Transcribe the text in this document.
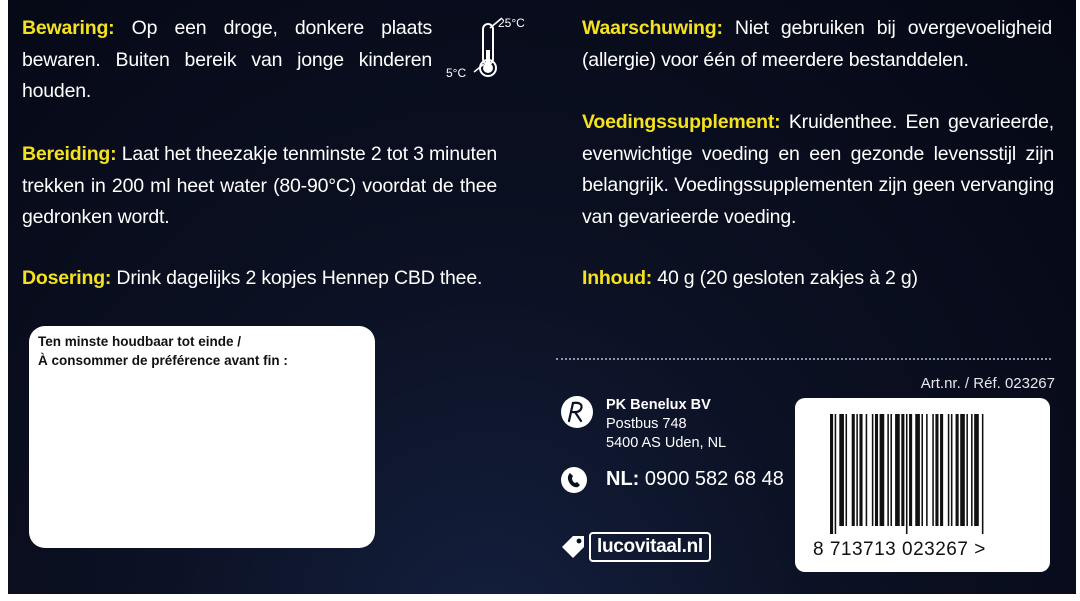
Bewaring: Op een droge, donkere plaats bewaren. Buiten bereik van jonge kinderen houden.
25°C
5°C
Bereiding: Laat het theezakje tenminste 2 tot 3 minuten trekken in 200 ml heet water (80-90°C) voordat de thee gedronken wordt.
Dosering: Drink dagelijks 2 kopjes Hennep CBD thee.
Ten minste houdbaar tot einde /
À consommer de préférence avant fin :
Waarschuwing: Niet gebruiken bij overgevoeligheid (allergie) voor één of meerdere bestanddelen.
Voedingssupplement: Kruidenthee. Een gevarieerde, evenwichtige voeding en een gezonde levensstijl zijn belangrijk. Voedingssupplementen zijn geen vervanging van gevarieerde voeding.
Inhoud: 40 g (20 gesloten zakjes à 2 g)
Art.nr. / Réf. 023267
PK Benelux BV
Postbus 748
5400 AS Uden, NL
NL: 0900 582 68 48
lucovitaal.nl	8 713713 023267 >
